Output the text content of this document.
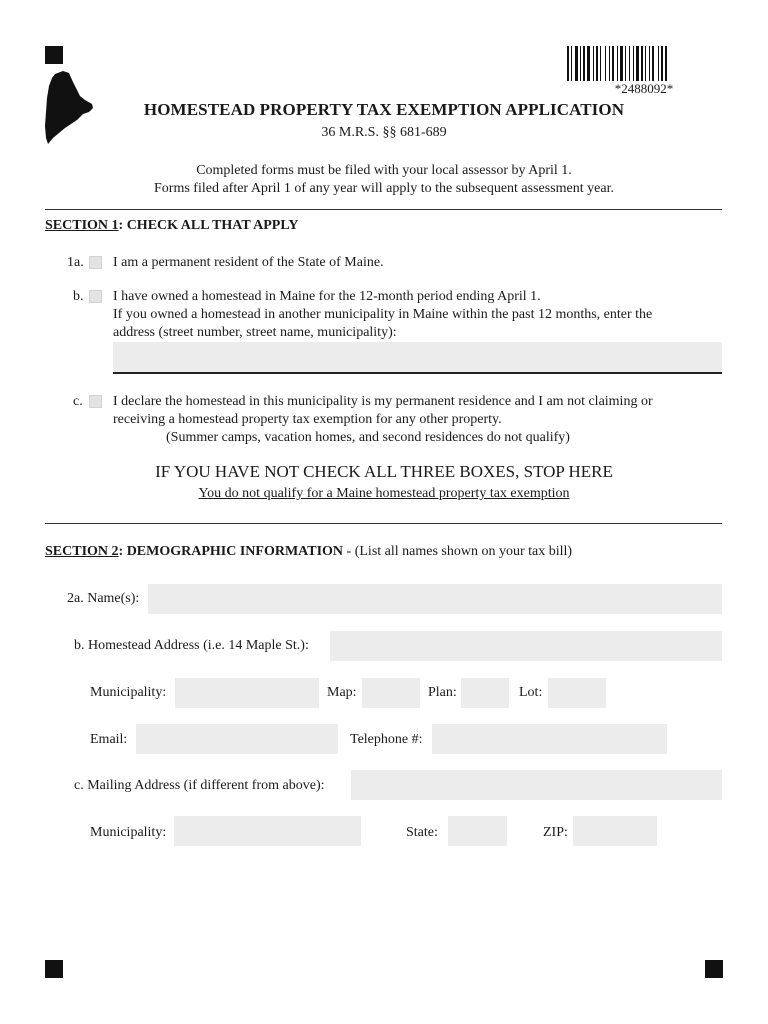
*2488092*
HOMESTEAD PROPERTY TAX EXEMPTION APPLICATION
36 M.R.S. §§ 681-689
Completed forms must be filed with your local assessor by April 1.
Forms filed after April 1 of any year will apply to the subsequent assessment year.
SECTION 1: CHECK ALL THAT APPLY
1a. I am a permanent resident of the State of Maine.
b. I have owned a homestead in Maine for the 12-month period ending April 1.
If you owned a homestead in another municipality in Maine within the past 12 months, enter the
address (street number, street name, municipality):
c. I declare the homestead in this municipality is my permanent residence and I am not claiming or
receiving a homestead property tax exemption for any other property.
(Summer camps, vacation homes, and second residences do not qualify)
IF YOU HAVE NOT CHECK ALL THREE BOXES, STOP HERE
You do not qualify for a Maine homestead property tax exemption
SECTION 2: DEMOGRAPHIC INFORMATION - (List all names shown on your tax bill)
2a. Name(s):
b. Homestead Address (i.e. 14 Maple St.):
Municipality:	Map:	Plan:	Lot:
Email:	Telephone #:
c. Mailing Address (if different from above):
Municipality:	State:	ZIP:
